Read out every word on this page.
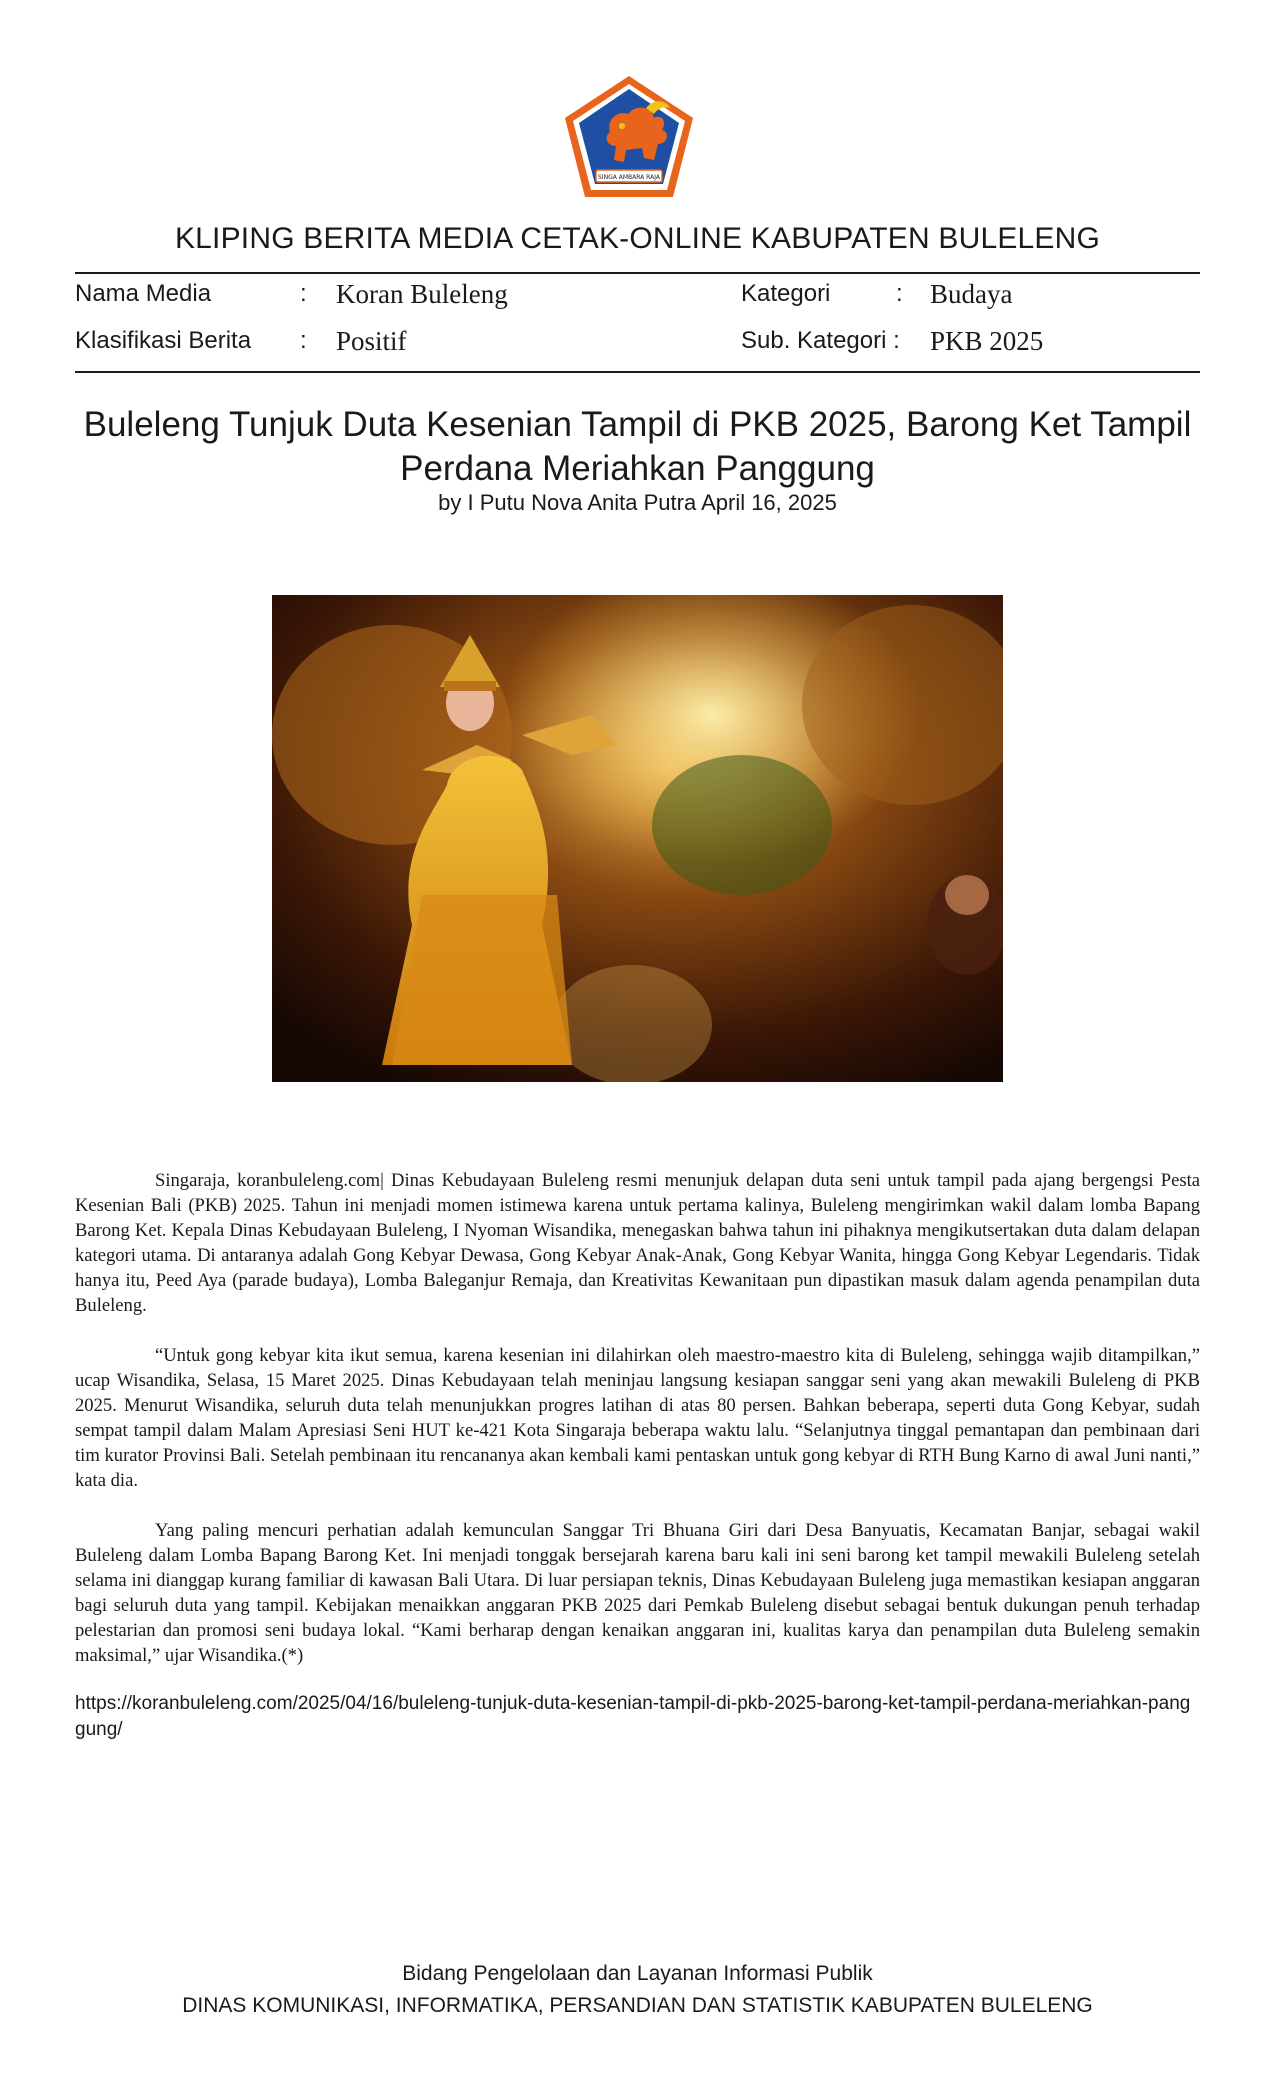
SINGA AMBARA RAJA
KLIPING BERITA MEDIA CETAK-ONLINE KABUPATEN BULELENG
Nama Media	: Koran Buleleng
Klasifikasi Berita : Positif
Kategori	: Budaya
Sub. Kategori : PKB 2025
Buleleng Tunjuk Duta Kesenian Tampil di PKB 2025, Barong Ket Tampil Perdana Meriahkan Panggung
by I Putu Nova Anita Putra April 16, 2025

Singaraja, koranbuleleng.com| Dinas Kebudayaan Buleleng resmi menunjuk delapan duta seni untuk tampil pada ajang bergengsi Pesta Kesenian Bali (PKB) 2025. Tahun ini menjadi momen istimewa karena untuk pertama kalinya, Buleleng mengirimkan wakil dalam lomba Bapang Barong Ket. Kepala Dinas Kebudayaan Buleleng, I Nyoman Wisandika, menegaskan bahwa tahun ini pihaknya mengikutsertakan duta dalam delapan kategori utama. Di antaranya adalah Gong Kebyar Dewasa, Gong Kebyar Anak-Anak, Gong Kebyar Wanita, hingga Gong Kebyar Legendaris. Tidak hanya itu, Peed Aya (parade budaya), Lomba Baleganjur Remaja, dan Kreativitas Kewanitaan pun dipastikan masuk dalam agenda penampilan duta Buleleng.

“Untuk gong kebyar kita ikut semua, karena kesenian ini dilahirkan oleh maestro-maestro kita di Buleleng, sehingga wajib ditampilkan,” ucap Wisandika, Selasa, 15 Maret 2025. Dinas Kebudayaan telah meninjau langsung kesiapan sanggar seni yang akan mewakili Buleleng di PKB 2025. Menurut Wisandika, seluruh duta telah menunjukkan progres latihan di atas 80 persen. Bahkan beberapa, seperti duta Gong Kebyar, sudah sempat tampil dalam Malam Apresiasi Seni HUT ke-421 Kota Singaraja beberapa waktu lalu. “Selanjutnya tinggal pemantapan dan pembinaan dari tim kurator Provinsi Bali. Setelah pembinaan itu rencananya akan kembali kami pentaskan untuk gong kebyar di RTH Bung Karno di awal Juni nanti,” kata dia.

Yang paling mencuri perhatian adalah kemunculan Sanggar Tri Bhuana Giri dari Desa Banyuatis, Kecamatan Banjar, sebagai wakil Buleleng dalam Lomba Bapang Barong Ket. Ini menjadi tonggak bersejarah karena baru kali ini seni barong ket tampil mewakili Buleleng setelah selama ini dianggap kurang familiar di kawasan Bali Utara. Di luar persiapan teknis, Dinas Kebudayaan Buleleng juga memastikan kesiapan anggaran bagi seluruh duta yang tampil. Kebijakan menaikkan anggaran PKB 2025 dari Pemkab Buleleng disebut sebagai bentuk dukungan penuh terhadap pelestarian dan promosi seni budaya lokal. “Kami berharap dengan kenaikan anggaran ini, kualitas karya dan penampilan duta Buleleng semakin maksimal,” ujar Wisandika.(*)

https://koranbuleleng.com/2025/04/16/buleleng-tunjuk-duta-kesenian-tampil-di-pkb-2025-barong-ket-tampil-perdana-meriahkan-panggung/
Bidang Pengelolaan dan Layanan Informasi Publik
DINAS KOMUNIKASI, INFORMATIKA, PERSANDIAN DAN STATISTIK KABUPATEN BULELENG
